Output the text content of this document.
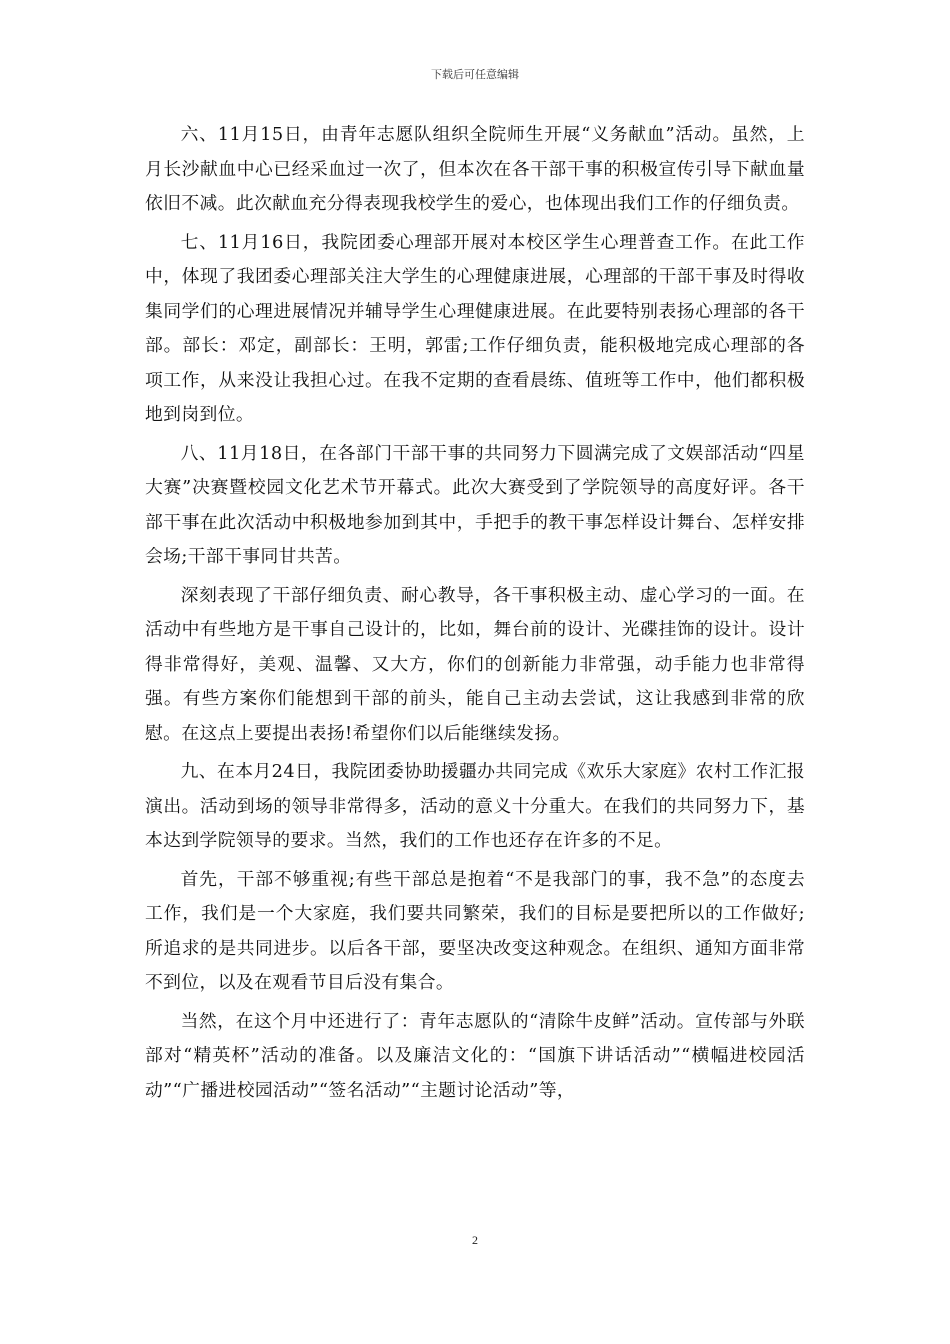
下载后可任意编辑

六、11月15日，由青年志愿队组织全院师生开展“义务献血”活动。虽然，上月长沙献血中心已经采血过一次了，但本次在各干部干事的积极宣传引导下献血量依旧不减。此次献血充分得表现我校学生的爱心，也体现出我们工作的仔细负责。

七、11月16日，我院团委心理部开展对本校区学生心理普查工作。在此工作中，体现了我团委心理部关注大学生的心理健康进展，心理部的干部干事及时得收集同学们的心理进展情况并辅导学生心理健康进展。在此要特别表扬心理部的各干部。部长：邓定，副部长：王明，郭雷;工作仔细负责，能积极地完成心理部的各项工作，从来没让我担心过。在我不定期的查看晨练、值班等工作中，他们都积极地到岗到位。

八、11月18日，在各部门干部干事的共同努力下圆满完成了文娱部活动“四星大赛”决赛暨校园文化艺术节开幕式。此次大赛受到了学院领导的高度好评。各干部干事在此次活动中积极地参加到其中，手把手的教干事怎样设计舞台、怎样安排会场;干部干事同甘共苦。

深刻表现了干部仔细负责、耐心教导，各干事积极主动、虚心学习的一面。在活动中有些地方是干事自己设计的，比如，舞台前的设计、光碟挂饰的设计。设计得非常得好，美观、温馨、又大方，你们的创新能力非常强，动手能力也非常得强。有些方案你们能想到干部的前头，能自己主动去尝试，这让我感到非常的欣慰。在这点上要提出表扬!希望你们以后能继续发扬。

九、在本月24日，我院团委协助援疆办共同完成《欢乐大家庭》农村工作汇报演出。活动到场的领导非常得多，活动的意义十分重大。在我们的共同努力下，基本达到学院领导的要求。当然，我们的工作也还存在许多的不足。

首先，干部不够重视;有些干部总是抱着“不是我部门的事，我不急”的态度去工作，我们是一个大家庭，我们要共同繁荣，我们的目标是要把所以的工作做好;所追求的是共同进步。以后各干部，要坚决改变这种观念。在组织、通知方面非常不到位，以及在观看节目后没有集合。

当然，在这个月中还进行了：青年志愿队的“清除牛皮鲜”活动。宣传部与外联部对“精英杯”活动的准备。以及廉洁文化的：“国旗下讲话活动”“横幅进校园活动”“广播进校园活动”“签名活动”“主题讨论活动”等，

2
